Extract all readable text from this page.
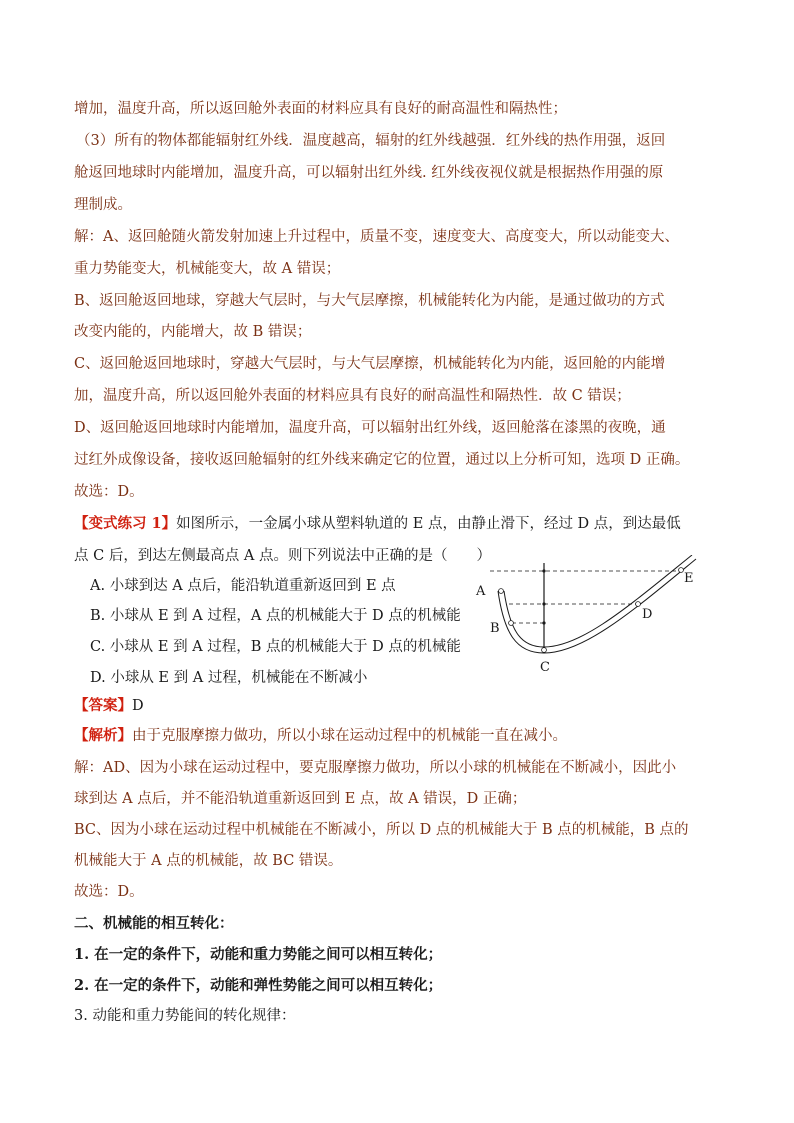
增加，温度升高，所以返回舱外表面的材料应具有良好的耐高温性和隔热性；
（3）所有的物体都能辐射红外线．温度越高，辐射的红外线越强．红外线的热作用强，返回
舱返回地球时内能增加，温度升高，可以辐射出红外线. 红外线夜视仪就是根据热作用强的原
理制成。
解：A、返回舱随火箭发射加速上升过程中，质量不变，速度变大、高度变大，所以动能变大、
重力势能变大，机械能变大，故 A 错误；
B、返回舱返回地球，穿越大气层时，与大气层摩擦，机械能转化为内能，是通过做功的方式
改变内能的，内能增大，故 B 错误；
C、返回舱返回地球时，穿越大气层时，与大气层摩擦，机械能转化为内能，返回舱的内能增
加，温度升高，所以返回舱外表面的材料应具有良好的耐高温性和隔热性．故 C 错误；
D、返回舱返回地球时内能增加，温度升高，可以辐射出红外线，返回舱落在漆黑的夜晚，通
过红外成像设备，接收返回舱辐射的红外线来确定它的位置，通过以上分析可知，选项 D 正确。
故选：D。
【变式练习 1】如图所示，一金属小球从塑料轨道的 E 点，由静止滑下，经过 D 点，到达最低
点 C 后，到达左侧最高点 A 点。则下列说法中正确的是（　　）
A. 小球到达 A 点后，能沿轨道重新返回到 E 点
B. 小球从 E 到 A 过程，A 点的机械能大于 D 点的机械能
C. 小球从 E 到 A 过程，B 点的机械能大于 D 点的机械能
D. 小球从 E 到 A 过程，机械能在不断减小
A
B
C
D
E
【答案】D
【解析】由于克服摩擦力做功，所以小球在运动过程中的机械能一直在减小。
解：AD、因为小球在运动过程中，要克服摩擦力做功，所以小球的机械能在不断减小，因此小
球到达 A 点后，并不能沿轨道重新返回到 E 点，故 A 错误，D 正确；
BC、因为小球在运动过程中机械能在不断减小，所以 D 点的机械能大于 B 点的机械能，B 点的
机械能大于 A 点的机械能，故 BC 错误。
故选：D。
二、机械能的相互转化：
1. 在一定的条件下，动能和重力势能之间可以相互转化；
2. 在一定的条件下，动能和弹性势能之间可以相互转化；
3. 动能和重力势能间的转化规律：
